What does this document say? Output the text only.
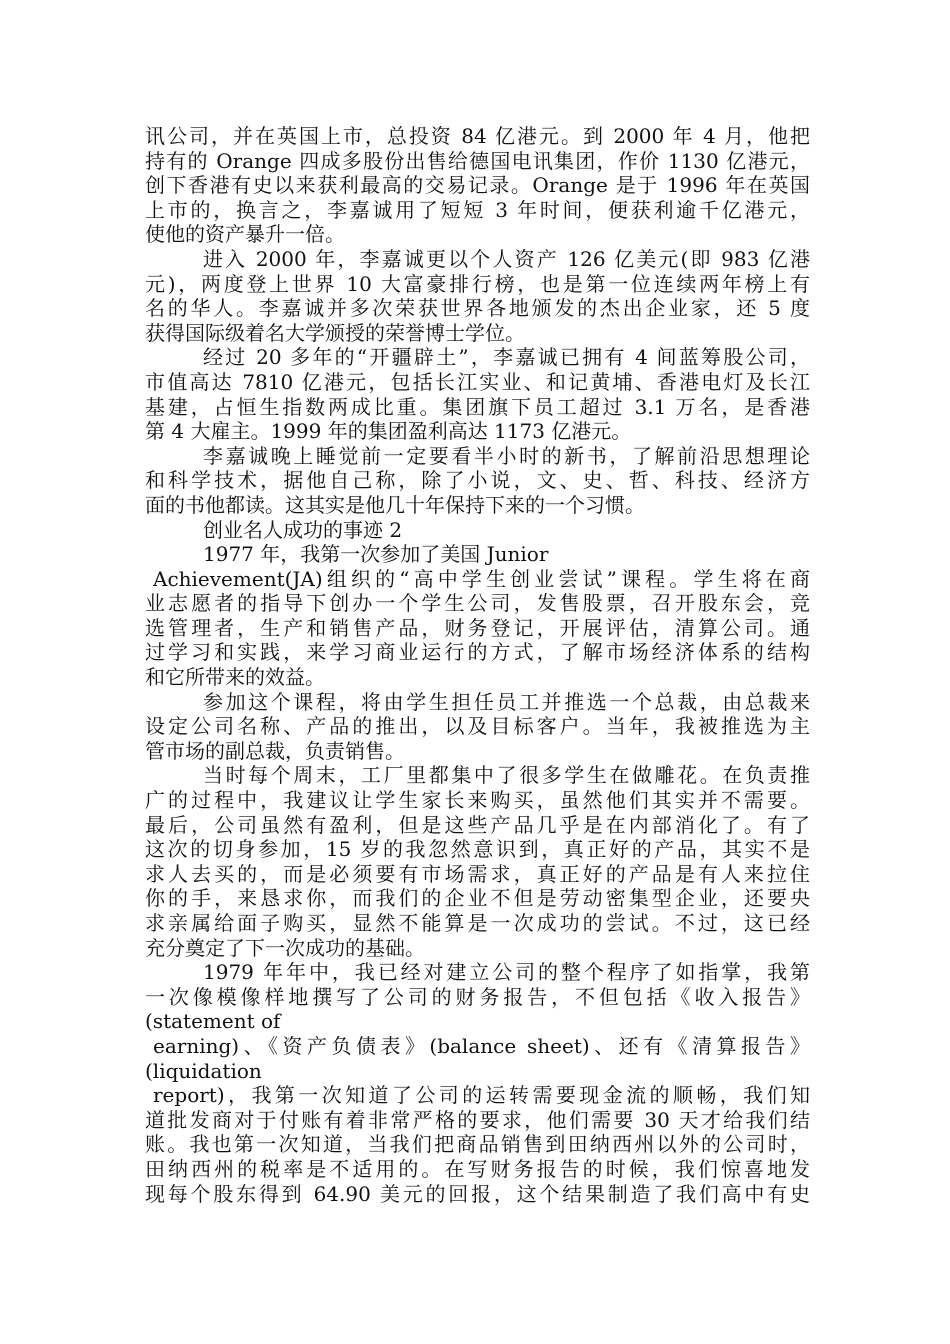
讯公司，并在英国上市，总投资 84 亿港元。到 2000 年 4 月，他把
持有的 Orange 四成多股份出售给德国电讯集团，作价 1130 亿港元，
创下香港有史以来获利最高的交易记录。Orange 是于 1996 年在英国
上市的，换言之，李嘉诚用了短短 3 年时间，便获利逾千亿港元，
使他的资产暴升一倍。
进入 2000 年，李嘉诚更以个人资产 126 亿美元(即 983 亿港
元)，两度登上世界 10 大富豪排行榜，也是第一位连续两年榜上有
名的华人。李嘉诚并多次荣获世界各地颁发的杰出企业家，还 5 度
获得国际级着名大学颁授的荣誉博士学位。
经过 20 多年的“开疆辟土”，李嘉诚已拥有 4 间蓝筹股公司，
市值高达 7810 亿港元，包括长江实业、和记黄埔、香港电灯及长江
基建，占恒生指数两成比重。集团旗下员工超过 3.1 万名，是香港
第 4 大雇主。1999 年的集团盈利高达 1173 亿港元。
李嘉诚晚上睡觉前一定要看半小时的新书，了解前沿思想理论
和科学技术，据他自己称，除了小说，文、史、哲、科技、经济方
面的书他都读。这其实是他几十年保持下来的一个习惯。
创业名人成功的事迹 2
1977 年，我第一次参加了美国 Junior
Achievement(JA)组织的“高中学生创业尝试”课程。学生将在商
业志愿者的指导下创办一个学生公司，发售股票，召开股东会，竞
选管理者，生产和销售产品，财务登记，开展评估，清算公司。通
过学习和实践，来学习商业运行的方式，了解市场经济体系的结构
和它所带来的效益。
参加这个课程，将由学生担任员工并推选一个总裁，由总裁来
设定公司名称、产品的推出，以及目标客户。当年，我被推选为主
管市场的副总裁，负责销售。
当时每个周末，工厂里都集中了很多学生在做雕花。在负责推
广的过程中，我建议让学生家长来购买，虽然他们其实并不需要。
最后，公司虽然有盈利，但是这些产品几乎是在内部消化了。有了
这次的切身参加，15 岁的我忽然意识到，真正好的产品，其实不是
求人去买的，而是必须要有市场需求，真正好的产品是有人来拉住
你的手，来恳求你，而我们的企业不但是劳动密集型企业，还要央
求亲属给面子购买，显然不能算是一次成功的尝试。不过，这已经
充分奠定了下一次成功的基础。
1979 年年中，我已经对建立公司的整个程序了如指掌，我第
一次像模像样地撰写了公司的财务报告，不但包括《收入报告》
(statement of
earning)、《资产负债表》(balance sheet)、还有《清算报告》
(liquidation
report)，我第一次知道了公司的运转需要现金流的顺畅，我们知
道批发商对于付账有着非常严格的要求，他们需要 30 天才给我们结
账。我也第一次知道，当我们把商品销售到田纳西州以外的公司时，
田纳西州的税率是不适用的。在写财务报告的时候，我们惊喜地发
现每个股东得到 64.90 美元的回报，这个结果制造了我们高中有史
